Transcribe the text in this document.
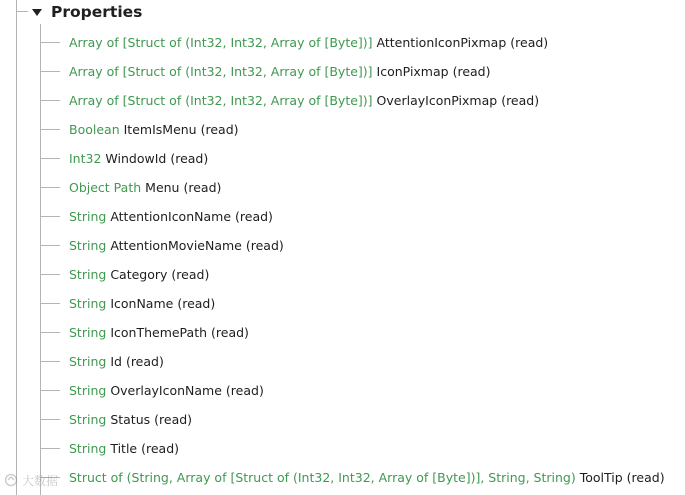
Properties
Array of [Struct of (Int32, Int32, Array of [Byte])] AttentionIconPixmap (read)
Array of [Struct of (Int32, Int32, Array of [Byte])] IconPixmap (read)
Array of [Struct of (Int32, Int32, Array of [Byte])] OverlayIconPixmap (read)
Boolean ItemIsMenu (read)
Int32 WindowId (read)
Object Path Menu (read)
String AttentionIconName (read)
String AttentionMovieName (read)
String Category (read)
String IconName (read)
String IconThemePath (read)
String Id (read)
String OverlayIconName (read)
String Status (read)
String Title (read)
Struct of (String, Array of [Struct of (Int32, Int32, Array of [Byte])], String, String) ToolTip (read)
大数据
